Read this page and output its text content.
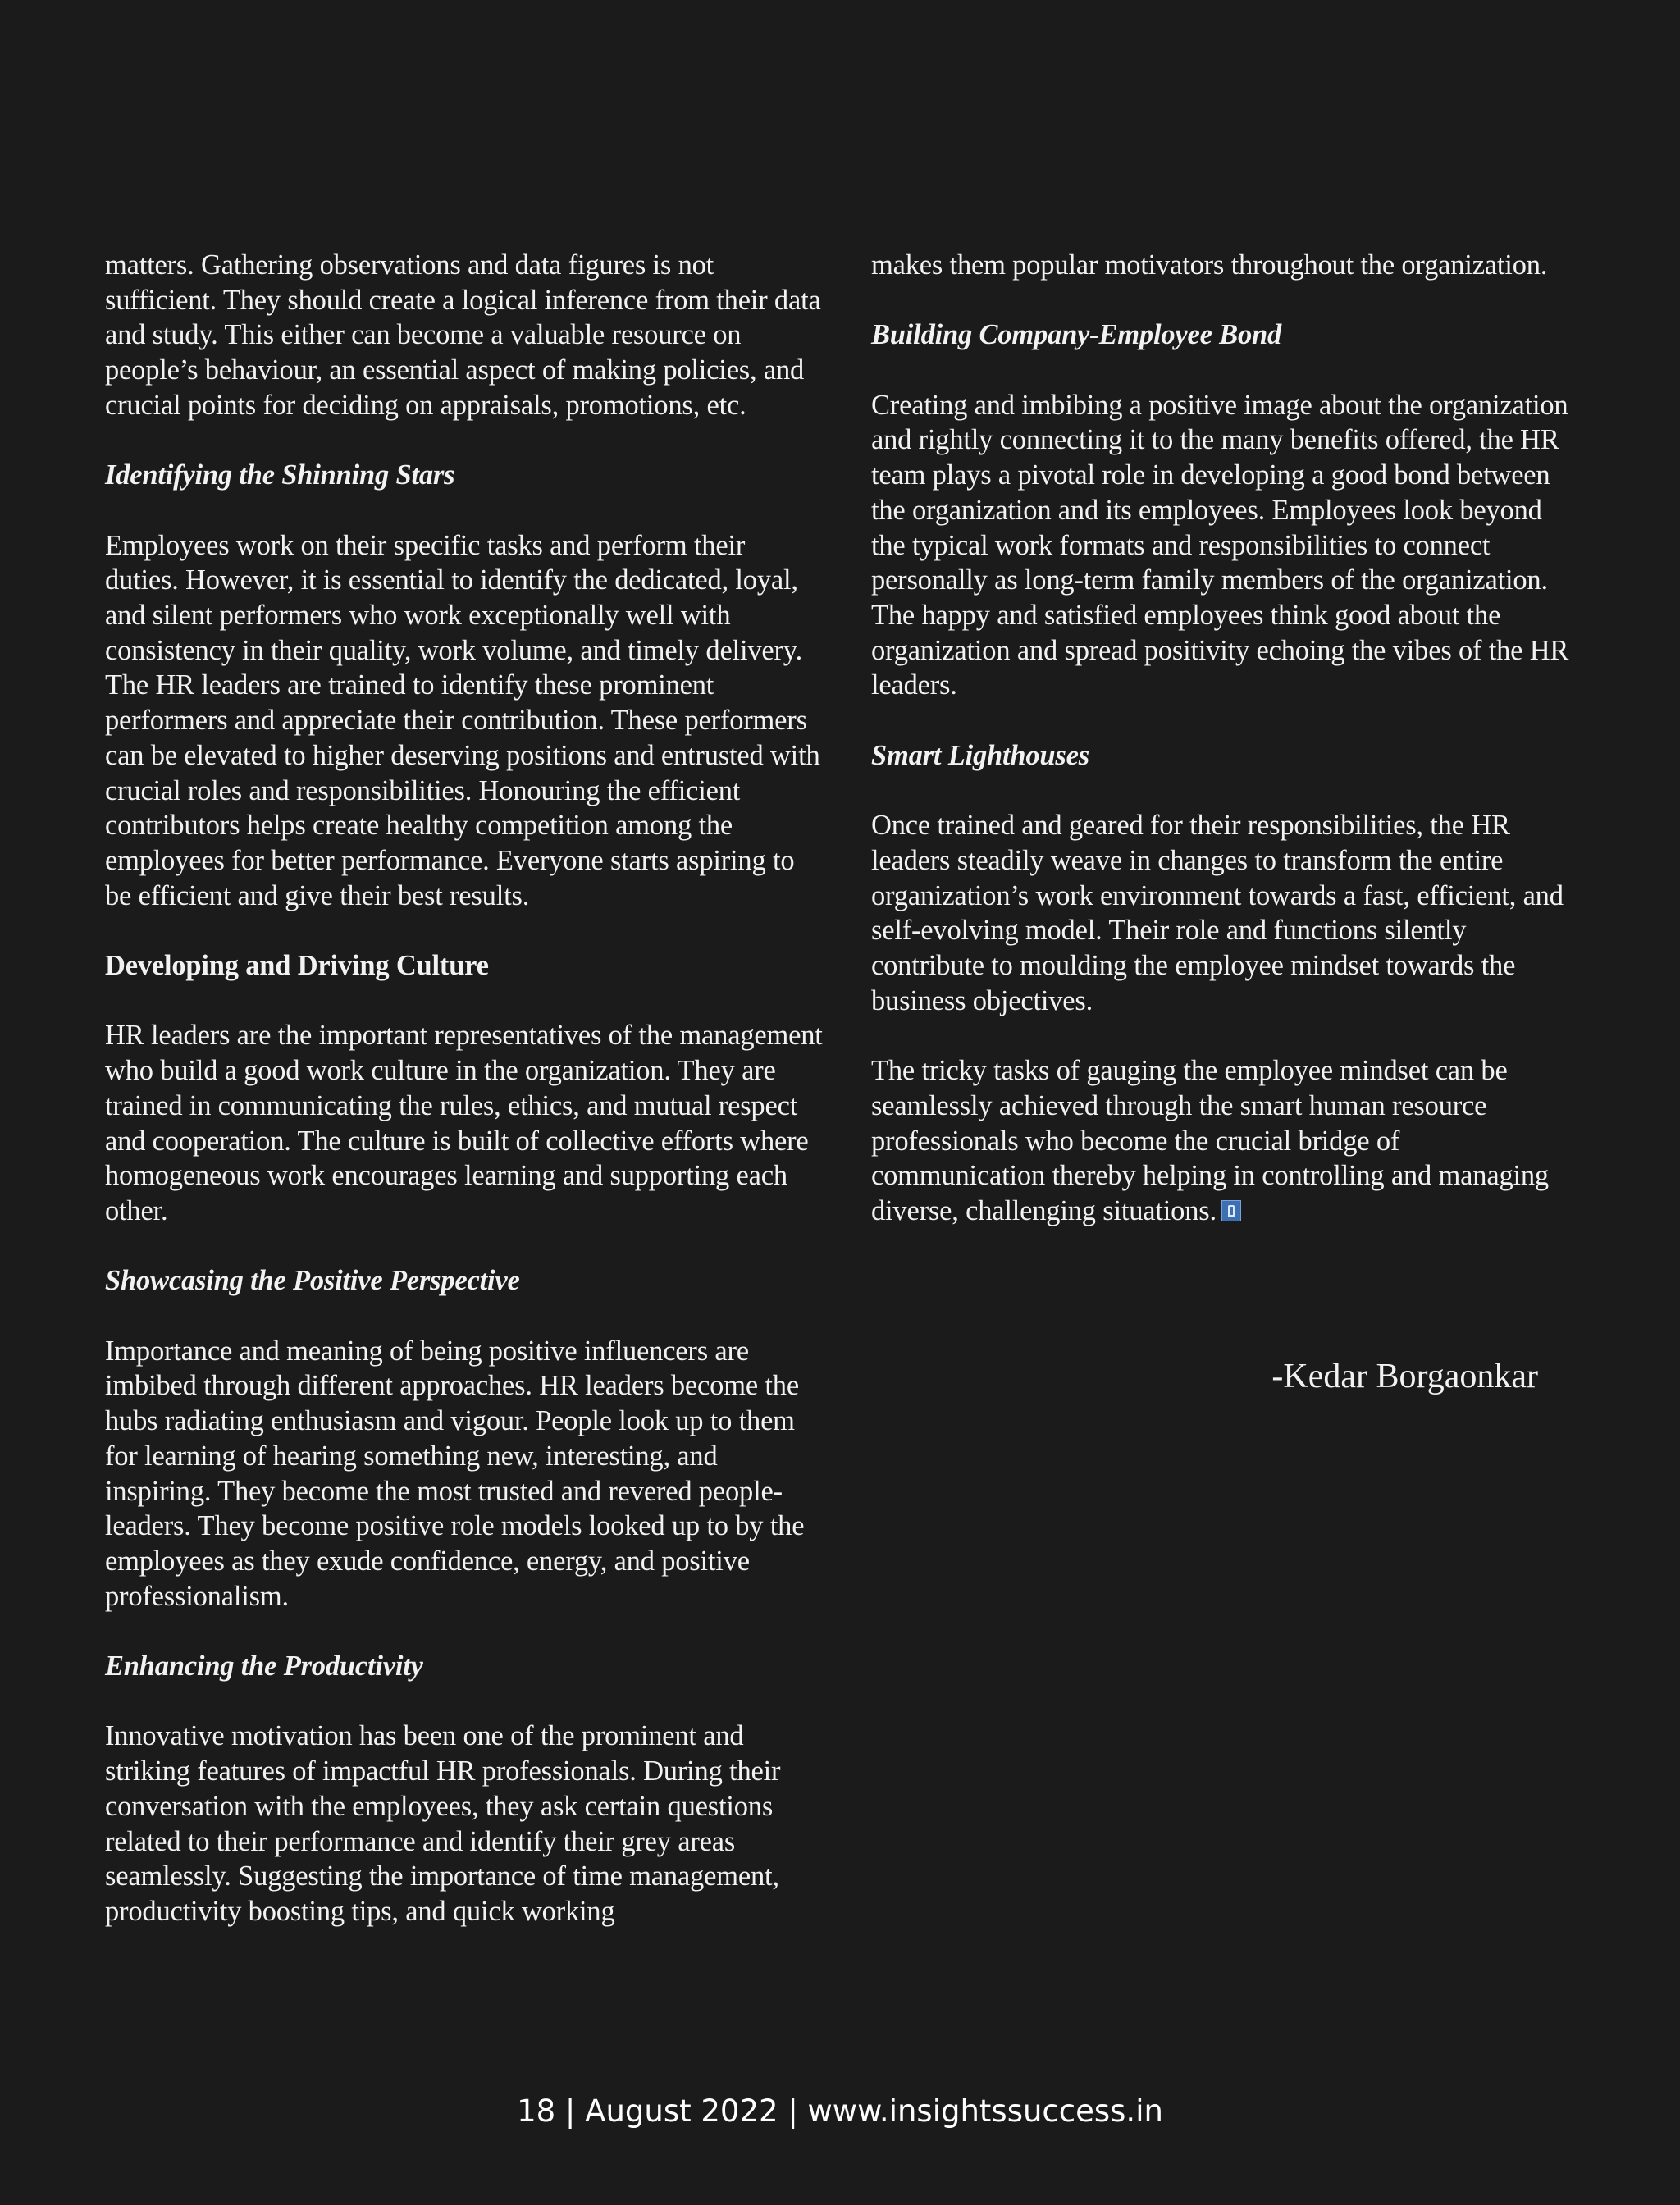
matters. Gathering observations and data figures is not sufficient. They should create a logical inference from their data and study. This either can become a valuable resource on people’s behaviour, an essential aspect of making policies, and crucial points for deciding on appraisals, promotions, etc.

Identifying the Shinning Stars

Employees work on their specific tasks and perform their duties. However, it is essential to identify the dedicated, loyal, and silent performers who work exceptionally well with consistency in their quality, work volume, and timely delivery. The HR leaders are trained to identify these prominent performers and appreciate their contribution. These performers can be elevated to higher deserving positions and entrusted with crucial roles and responsibilities. Honouring the efficient contributors helps create healthy competition among the employees for better performance. Everyone starts aspiring to be efficient and give their best results.

Developing and Driving Culture

HR leaders are the important representatives of the management who build a good work culture in the organization. They are trained in communicating the rules, ethics, and mutual respect and cooperation. The culture is built of collective efforts where homogeneous work encourages learning and supporting each other.

Showcasing the Positive Perspective

Importance and meaning of being positive influencers are imbibed through different approaches. HR leaders become the hubs radiating enthusiasm and vigour. People look up to them for learning of hearing something new, interesting, and inspiring. They become the most trusted and revered people-leaders. They become positive role models looked up to by the employees as they exude confidence, energy, and positive professionalism.

Enhancing the Productivity

Innovative motivation has been one of the prominent and striking features of impactful HR professionals. During their conversation with the employees, they ask certain questions related to their performance and identify their grey areas seamlessly. Suggesting the importance of time management, productivity boosting tips, and quick working

makes them popular motivators throughout the organization.

Building Company-Employee Bond

Creating and imbibing a positive image about the organization and rightly connecting it to the many benefits offered, the HR team plays a pivotal role in developing a good bond between the organization and its employees. Employees look beyond the typical work formats and responsibilities to connect personally as long-term family members of the organization. The happy and satisfied employees think good about the organization and spread positivity echoing the vibes of the HR leaders.

Smart Lighthouses

Once trained and geared for their responsibilities, the HR leaders steadily weave in changes to transform the entire organization’s work environment towards a fast, efficient, and self-evolving model. Their role and functions silently contribute to moulding the employee mindset towards the business objectives.

The tricky tasks of gauging the employee mindset can be seamlessly achieved through the smart human resource professionals who become the crucial bridge of communication thereby helping in controlling and managing diverse, challenging situations.

-Kedar Borgaonkar
18 | August 2022 | www.insightssuccess.in
